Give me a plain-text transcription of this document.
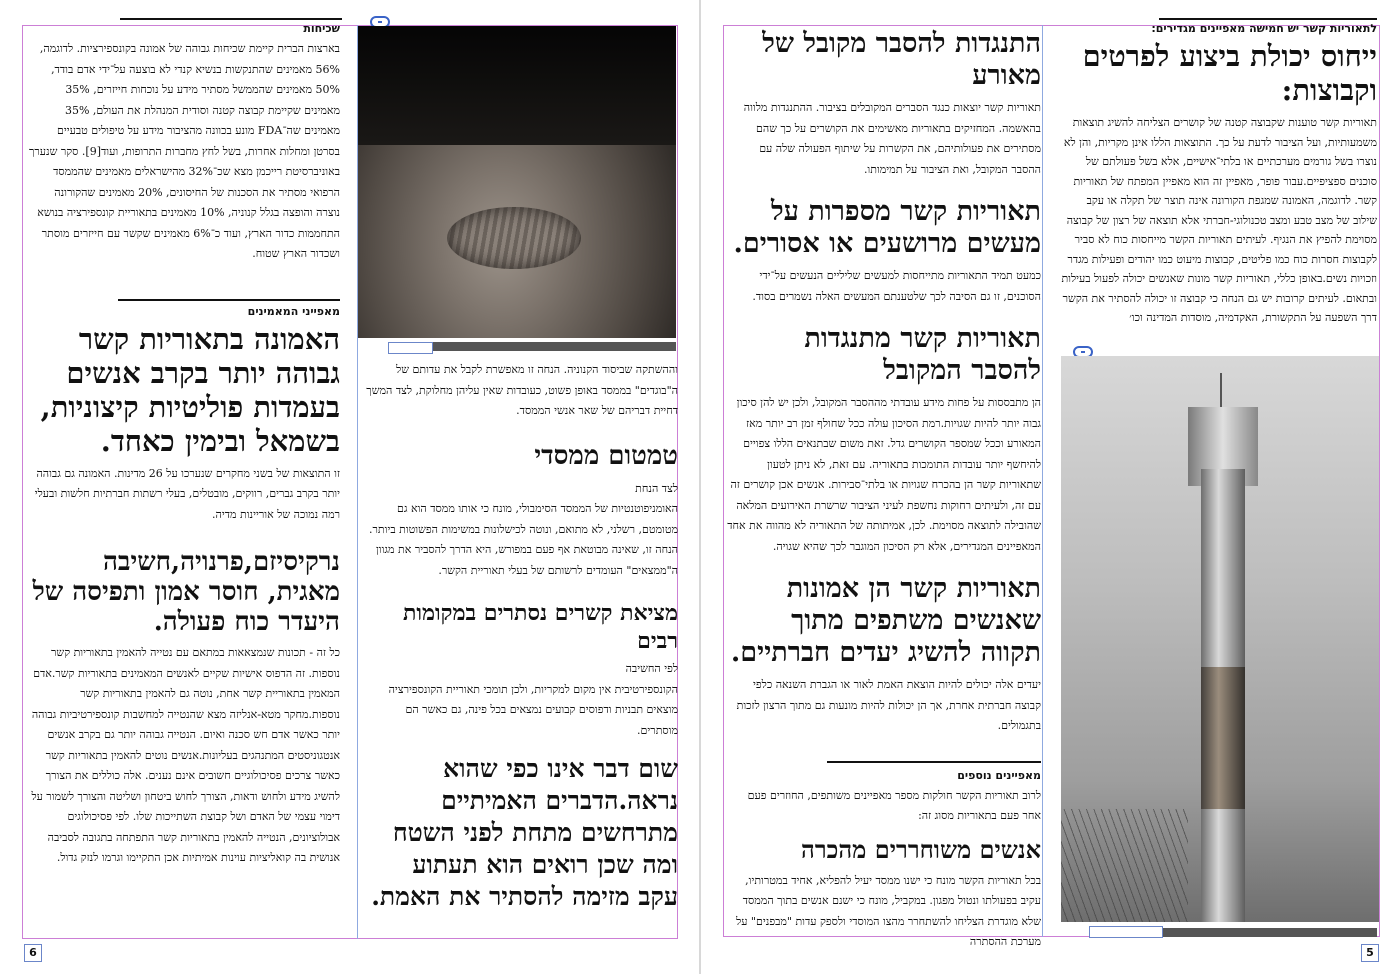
שכיחות

בארצות הברית קיימת שכיחות גבוהה של אמונה בקונספירציות. לדוגמה, 56% מאמינים שהתנקשות בנשיא קנדי לא בוצעה על־ידי אדם בודד, 50% מאמינים שהממשל מסתיר מידע על נוכחות חייזרים, 35% מאמינים שקיימת קבוצה קטנה וסודית המנהלת את העולם, 35% מאמינים שה־FDA מונע בכוונה מהציבור מידע על טיפולים טבעיים בסרטן ומחלות אחרות, בשל לחץ מחברות התרופות, ועוד[9]. סקר שנערך באוניברסיטת רייכמן מצא שכ־32% מהישראלים מאמינים שהממסד הרפואי מסתיר את הסכנות של החיסונים, 20% מאמינים שהקורונה נוצרה והופצה בגלל קנוניה, 10% מאמינים בתאוריית קונספירציה בנושא התחממות כדור הארץ, ועוד כ־6% מאמינים שקשר עם חייזרים מוסתר ושכדור הארץ שטוח.

מאפייני המאמינים
האמונה בתאוריות קשר גבוהה יותר בקרב אנשים בעמדות פוליטיות קיצוניות, בשמאל ובימין כאחד.

זו התוצאות של בשני מחקרים שנערכו על 26 מדינות. האמונה גם גבוהה יותר בקרב גברים, רווקים, מובטלים, בעלי רשתות חברתיות חלשות ובעלי רמה נמוכה של אוריינות מדיה.

נרקיסיזם,פרנויה,חשיבה מאגית, חוסר אמון ותפיסה של היעדר כוח פעולה.

כל זה - תכונות שנמצאאות במתאם עם נטייה להאמין בתאוריות קשר נוספות. זה הדפוס אישיות שקיים לאנשים המאמינים בתאוריות קשר.אדם המאמין בתאוריית קשר אחת, נוטה גם להאמין בתאוריות קשר נוספות.מחקר מטא-אנליזה מצא שהנטייה למחשבות קונספירטיביות גבוהה יותר כאשר אדם חש סכנה ואיום. הנטייה גבוהה יותר גם בקרב אנשים אנטגוניסטים המתנהגים בעליונות.אנשים נוטים להאמין בתאוריות קשר כאשר צרכים פסיכולוגיים חשובים אינם נענים. אלה כוללים את הצורך להשיג מידע ולחוש ודאות, הצורך לחוש ביטחון ושליטה והצורך לשמור על דימוי עצמי של האדם ושל קבוצת השתייכות שלו. לפי פסיכולוגים אבולוציונים, הנטייה להאמין בתאוריות קשר התפתחה בתגובה לסביבה אנושית בה קואליציות עוינות אמיתיות אכן התקיימו וגרמו לנזק גדול.

וההשתקה שביסוד הקנוניה. הנחה זו מאפשרת לקבל את עדותם של ה"בוגדים" בממסד באופן פשוט, כעובדות שאין עליהן מחלוקת, לצד המשך דחיית דבריהם של שאר אנשי הממסד.

טמטום ממסדי

לצד הנחת
האומניפוטנטיות של הממסד הסימבולי, מונח כי אותו ממסד הוא גם מטומטם, רשלני, לא מתואם, ונוטה לכישלונות במשימות הפשוטות ביותר. הנחה זו, שאינה מבוטאת אף פעם במפורש, היא הדרך להסביר את מגוון ה"ממצאים" העומדים לרשותם של בעלי תאוריית הקשר.

מציאת קשרים נסתרים במקומות רבים

לפי החשיבה
הקונספירטיבית אין מקום למקריות, ולכן תומכי תאוריית הקונספירציה מוצאים תבניות ודפוסים קבועים נמצאים בכל פינה, גם כאשר הם מוסתרים.

שום דבר אינו כפי שהוא נראה.הדברים האמיתיים מתרחשים מתחת לפני השטח ומה שכן רואים הוא תעתוע עקב מזימה להסתיר את האמת.
6
התנגדות להסבר מקובל של מאורע

תאוריות קשר יוצאות כנגד הסברים המקובלים בציבור. ההתנגדות מלווה בהאשמה. המחזיקים בתאוריות מאשימים את הקושרים על כך שהם מסתירים את פעולותיהם, את הקשרות על שיתוף הפעולה שלה עם ההסבר המקובל, ואת הציבור על תמימותו.

תאוריות קשר מספרות על מעשים מרושעים או אסורים.

כמעט תמיד התאוריות מתייחסות למעשים שליליים הנעשים על־ידי הסוכנים, זו גם הסיבה לכך שלטענתם המעשים האלה נשמרים בסוד.

תאוריות קשר מתנגדות להסבר המקובל

הן מתבססות על פחות מידע עובדתי מההסבר המקובל, ולכן יש להן סיכון גבוה יותר להיות שגויות.רמת הסיכון עולה ככל שחולף זמן רב יותר מאז המאורע וככל שמספר הקושרים גדל. זאת משום שבתנאים הללו צפויים להיחשף יותר עובדות התומכות בתאוריה. עם זאת, לא ניתן לטעון שתאוריות קשר הן בהכרח שגויות או בלתי־סבירות. אנשים אכן קושרים זה עם זה, ולעיתים רחוקות נחשפת לעיני הציבור שרשרת האירועים המלאה שהובילה לתוצאה מסוימת. לכן, אמיתותה של התאוריה לא מהווה את אחד המאפיינים המגדירים, אלא רק הסיכון המוגבר לכך שהיא שגויה.

תאוריות קשר הן אמונות שאנשים משתפים מתוך תקווה להשיג יעדים חברתיים.

יעדים אלה יכולים להיות הוצאת האמת לאור או הגברת השנאה כלפי קבוצה חברתית אחרת, אך הן יכולות להיות מונעות גם מתוך הרצון לזכות בתגמולים.

מאפיינים נוספים

לרוב תאוריות הקשר חולקות מספר מאפיינים משותפים, החוזרים פעם אחר פעם בתאוריות מסוג זה:

אנשים משוחררים מהכרה

בכל תאוריות הקשר מונח כי ישנו ממסד יעיל להפליא, אחיד במטרותיו, עקיב בפעולתו ונטול מפגון. במקביל, מונח כי ישנם אנשים בתוך הממסד שלא מוגדרת הצליחו להשתחרר מהצו המוסדי ולספק עדות "מבפנים" על מערכת ההסתרה

לתאוריות קשר יש חמישה מאפיינים מגדירים:
ייחוס יכולת ביצוע לפרטים וקבוצות:

תאוריות קשר טוענות שקבוצה קטנה של קושרים הצליחה להשיג תוצאות משמעותיות, ועל הציבור לדעת על כך. התוצאות הללו אינן מקריות, והן לא נוצרו בשל גורמים מערכתיים או בלתי־אישיים, אלא בשל פעולתם של סוכנים ספציפיים.עבור פופר, מאפיין זה הוא מאפיין המפתח של תאוריות קשר. לדוגמה, האמונה שמגפת הקורונה אינה תוצר של תקלה או עקב שילוב של מצב טבע ומצב טכנולוגי-חברתי אלא תוצאה של רצון של קבוצה מסוימת להפיץ את הנגיף. לעיתים תאוריות הקשר מייחסות כוח לא סביר לקבוצות חסרות כוח כמו פליטים, קבוצות מיעוט כמו יהודים ופעילות מגדר וזכויות נשים.באופן כללי, תאוריות קשר מונות שאנשים יכולה לפעול בעילות ובתאום. לעיתים קרובות יש גם הנחה כי קבוצה זו יכולה להסתיר את הקשר דרך השפעה על התקשורת, האקדמיה, מוסדות המדינה וכו׳

5
